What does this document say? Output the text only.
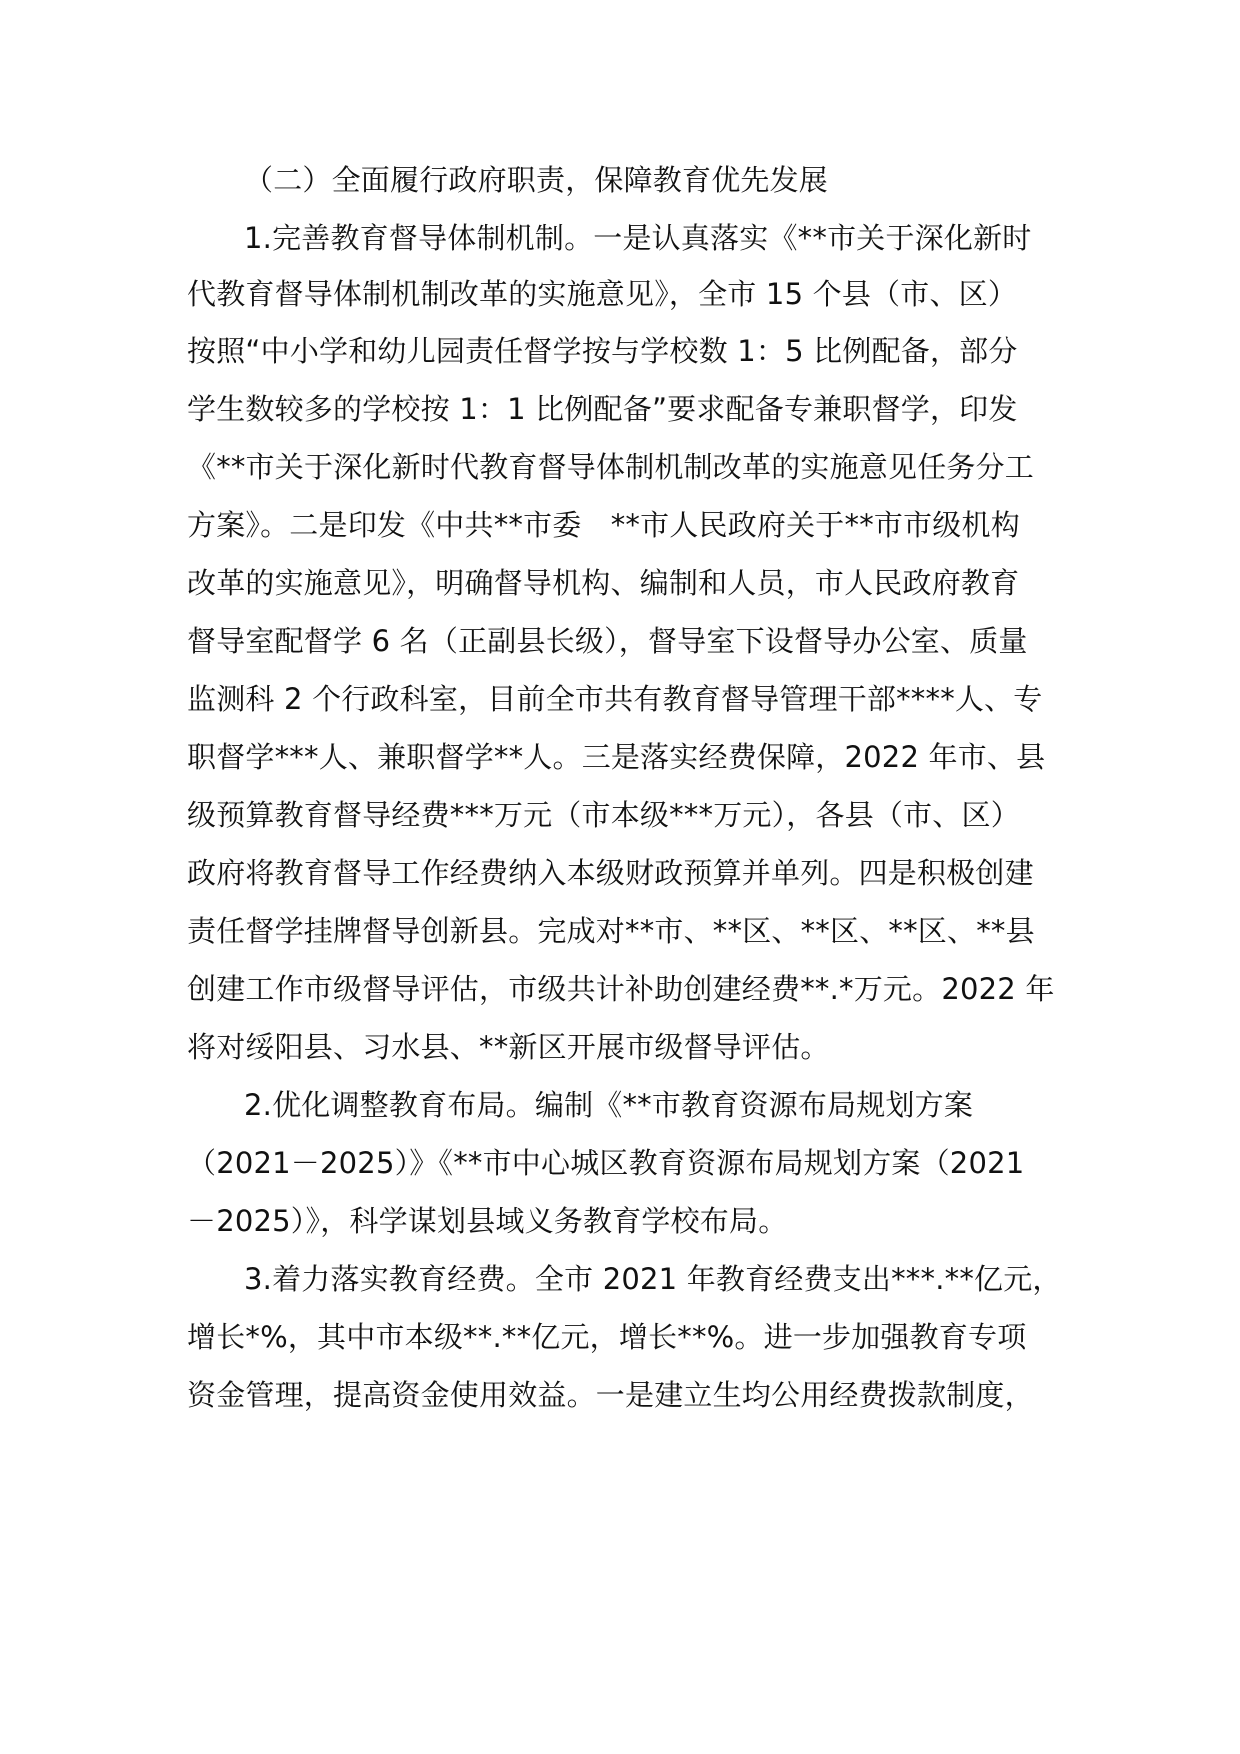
（二）全面履行政府职责，保障教育优先发展
1.完善教育督导体制机制。一是认真落实《**市关于深化新时
代教育督导体制机制改革的实施意见》，全市 15 个县（市、区）
按照“中小学和幼儿园责任督学按与学校数 1：5 比例配备，部分
学生数较多的学校按 1：1 比例配备”要求配备专兼职督学，印发
《**市关于深化新时代教育督导体制机制改革的实施意见任务分工
方案》。二是印发《中共**市委　**市人民政府关于**市市级机构
改革的实施意见》，明确督导机构、编制和人员，市人民政府教育
督导室配督学 6 名（正副县长级），督导室下设督导办公室、质量
监测科 2 个行政科室，目前全市共有教育督导管理干部****人、专
职督学***人、兼职督学**人。三是落实经费保障，2022 年市、县
级预算教育督导经费***万元（市本级***万元），各县（市、区）
政府将教育督导工作经费纳入本级财政预算并单列。四是积极创建
责任督学挂牌督导创新县。完成对**市、**区、**区、**区、**县
创建工作市级督导评估，市级共计补助创建经费**.*万元。2022 年
将对绥阳县、习水县、**新区开展市级督导评估。
2.优化调整教育布局。编制《**市教育资源布局规划方案
（2021－2025）》《**市中心城区教育资源布局规划方案（2021
－2025）》，科学谋划县域义务教育学校布局。
3.着力落实教育经费。全市 2021 年教育经费支出***.**亿元，
增长*%，其中市本级**.**亿元，增长**%。进一步加强教育专项
资金管理，提高资金使用效益。一是建立生均公用经费拨款制度，
